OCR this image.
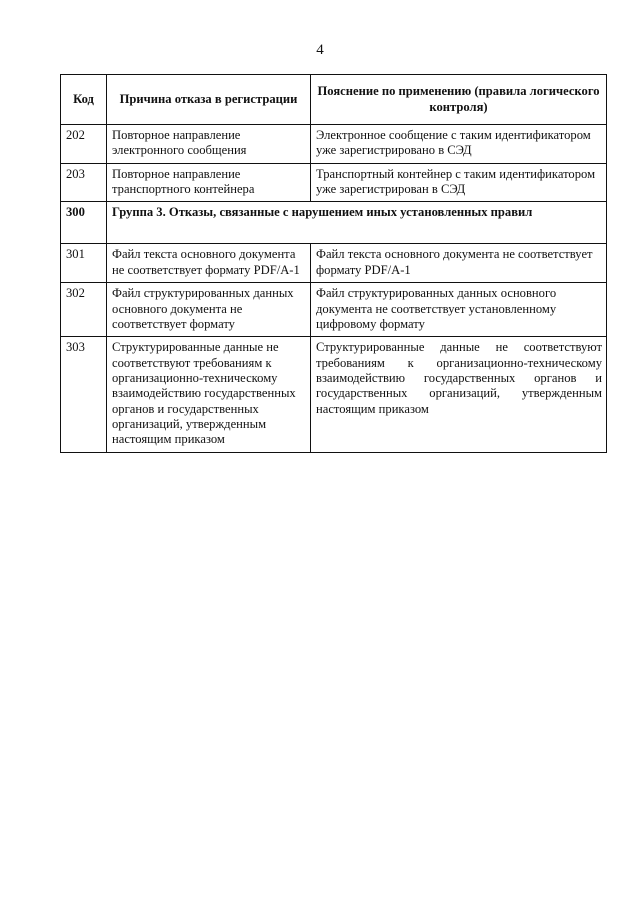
4
Код	Причина отказа в регистрации	Пояснение по применению (правила логического контроля)
202	Повторное направление электронного сообщения	Электронное сообщение с таким идентификатором уже зарегистрировано в СЭД
203	Повторное направление транспортного контейнера	Транспортный контейнер с таким идентификатором уже зарегистрирован в СЭД
300	Группа 3. Отказы, связанные с нарушением иных установленных правил	
301	Файл текста основного документа не соответствует формату PDF/A-1	Файл текста основного документа не соответствует формату PDF/A-1
302	Файл структурированных данных основного документа не соответствует формату	Файл структурированных данных основного документа не соответствует установленному цифровому формату
303	Структурированные данные не соответствуют требованиям к организационно-техническому взаимодействию государственных органов и государственных организаций, утвержденным настоящим приказом	Структурированные данные не соответствуют требованиям к организационно-техническому взаимодействию государственных органов и государственных организаций, утвержденным настоящим приказом
